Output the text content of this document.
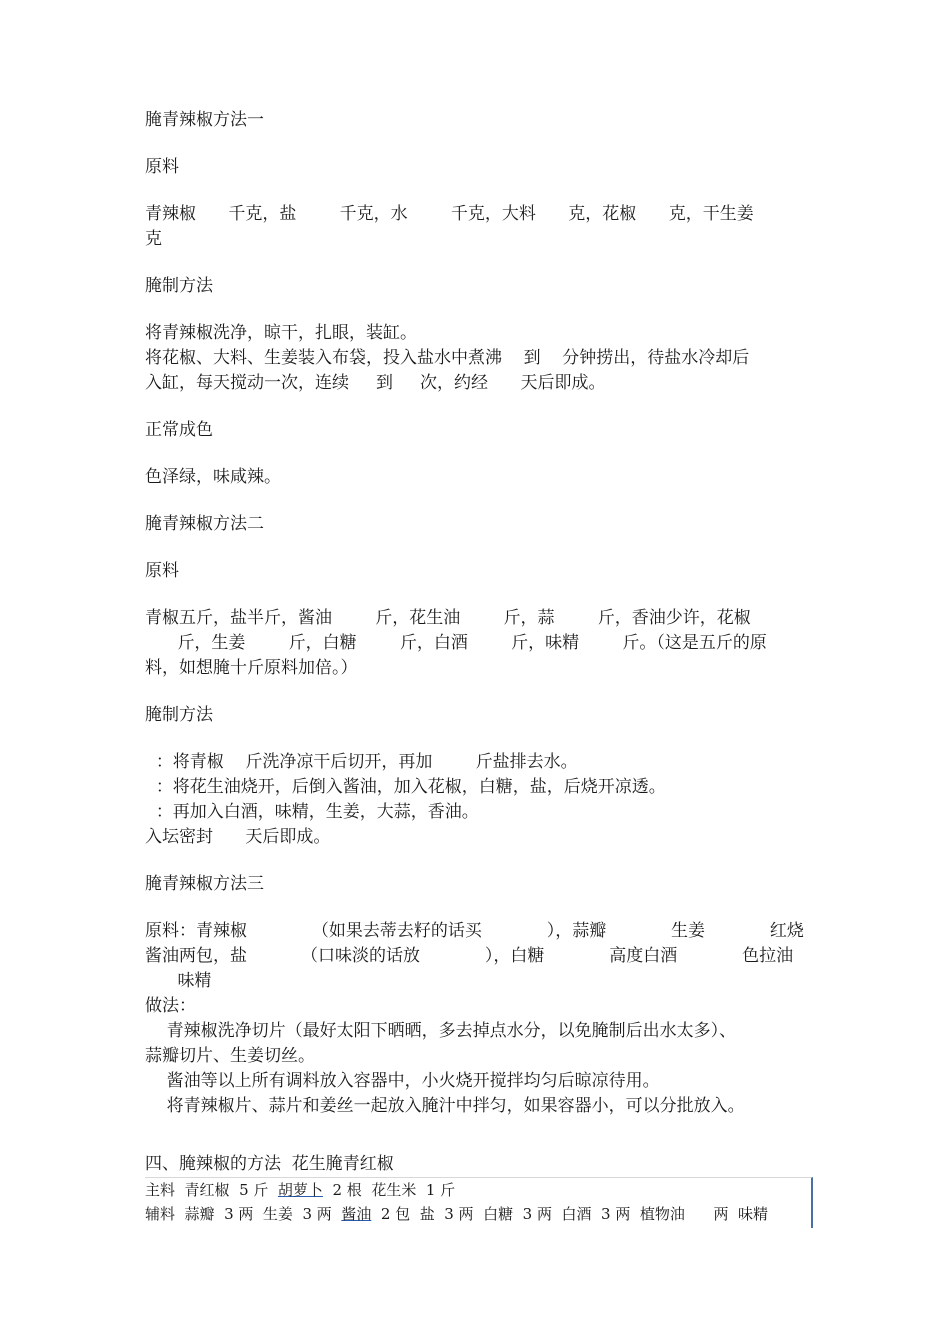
腌青辣椒方法一
原料
青辣椒      千克，盐        千克，水        千克，大料      克，花椒      克，干生姜
克
腌制方法
将青辣椒洗净，晾干，扎眼，装缸。
将花椒、大料、生姜装入布袋，投入盐水中煮沸    到    分钟捞出，待盐水冷却后
入缸，每天搅动一次，连续     到     次，约经      天后即成。
正常成色
色泽绿，味咸辣。
腌青辣椒方法二
原料
青椒五斤，盐半斤，酱油        斤，花生油        斤，蒜        斤，香油少许，花椒
斤，生姜        斤，白糖        斤，白酒        斤，味精        斤。（这是五斤的原
料，如想腌十斤原料加倍。）
腌制方法
：将青椒    斤洗净凉干后切开，再加        斤盐排去水。
：将花生油烧开，后倒入酱油，加入花椒，白糖，盐，后烧开凉透。
：再加入白酒，味精，生姜，大蒜，香油。
入坛密封      天后即成。
腌青辣椒方法三
原料：青辣椒            （如果去蒂去籽的话买            ），蒜瓣            生姜            红烧
酱油两包，盐          （口味淡的话放            ），白糖            高度白酒            色拉油
味精
做法：
青辣椒洗净切片（最好太阳下晒晒，多去掉点水分，以免腌制后出水太多）、
蒜瓣切片、生姜切丝。
酱油等以上所有调料放入容器中，小火烧开搅拌均匀后晾凉待用。
将青辣椒片、蒜片和姜丝一起放入腌汁中拌匀，如果容器小，可以分批放入。
四、腌辣椒的方法  花生腌青红椒
主料  青红椒  5 斤  胡萝卜  2 根  花生米  1 斤
辅料  蒜瓣  3 两  生姜  3 两  酱油  2 包  盐  3 两  白糖  3 两  白酒  3 两  植物油      两  味精
